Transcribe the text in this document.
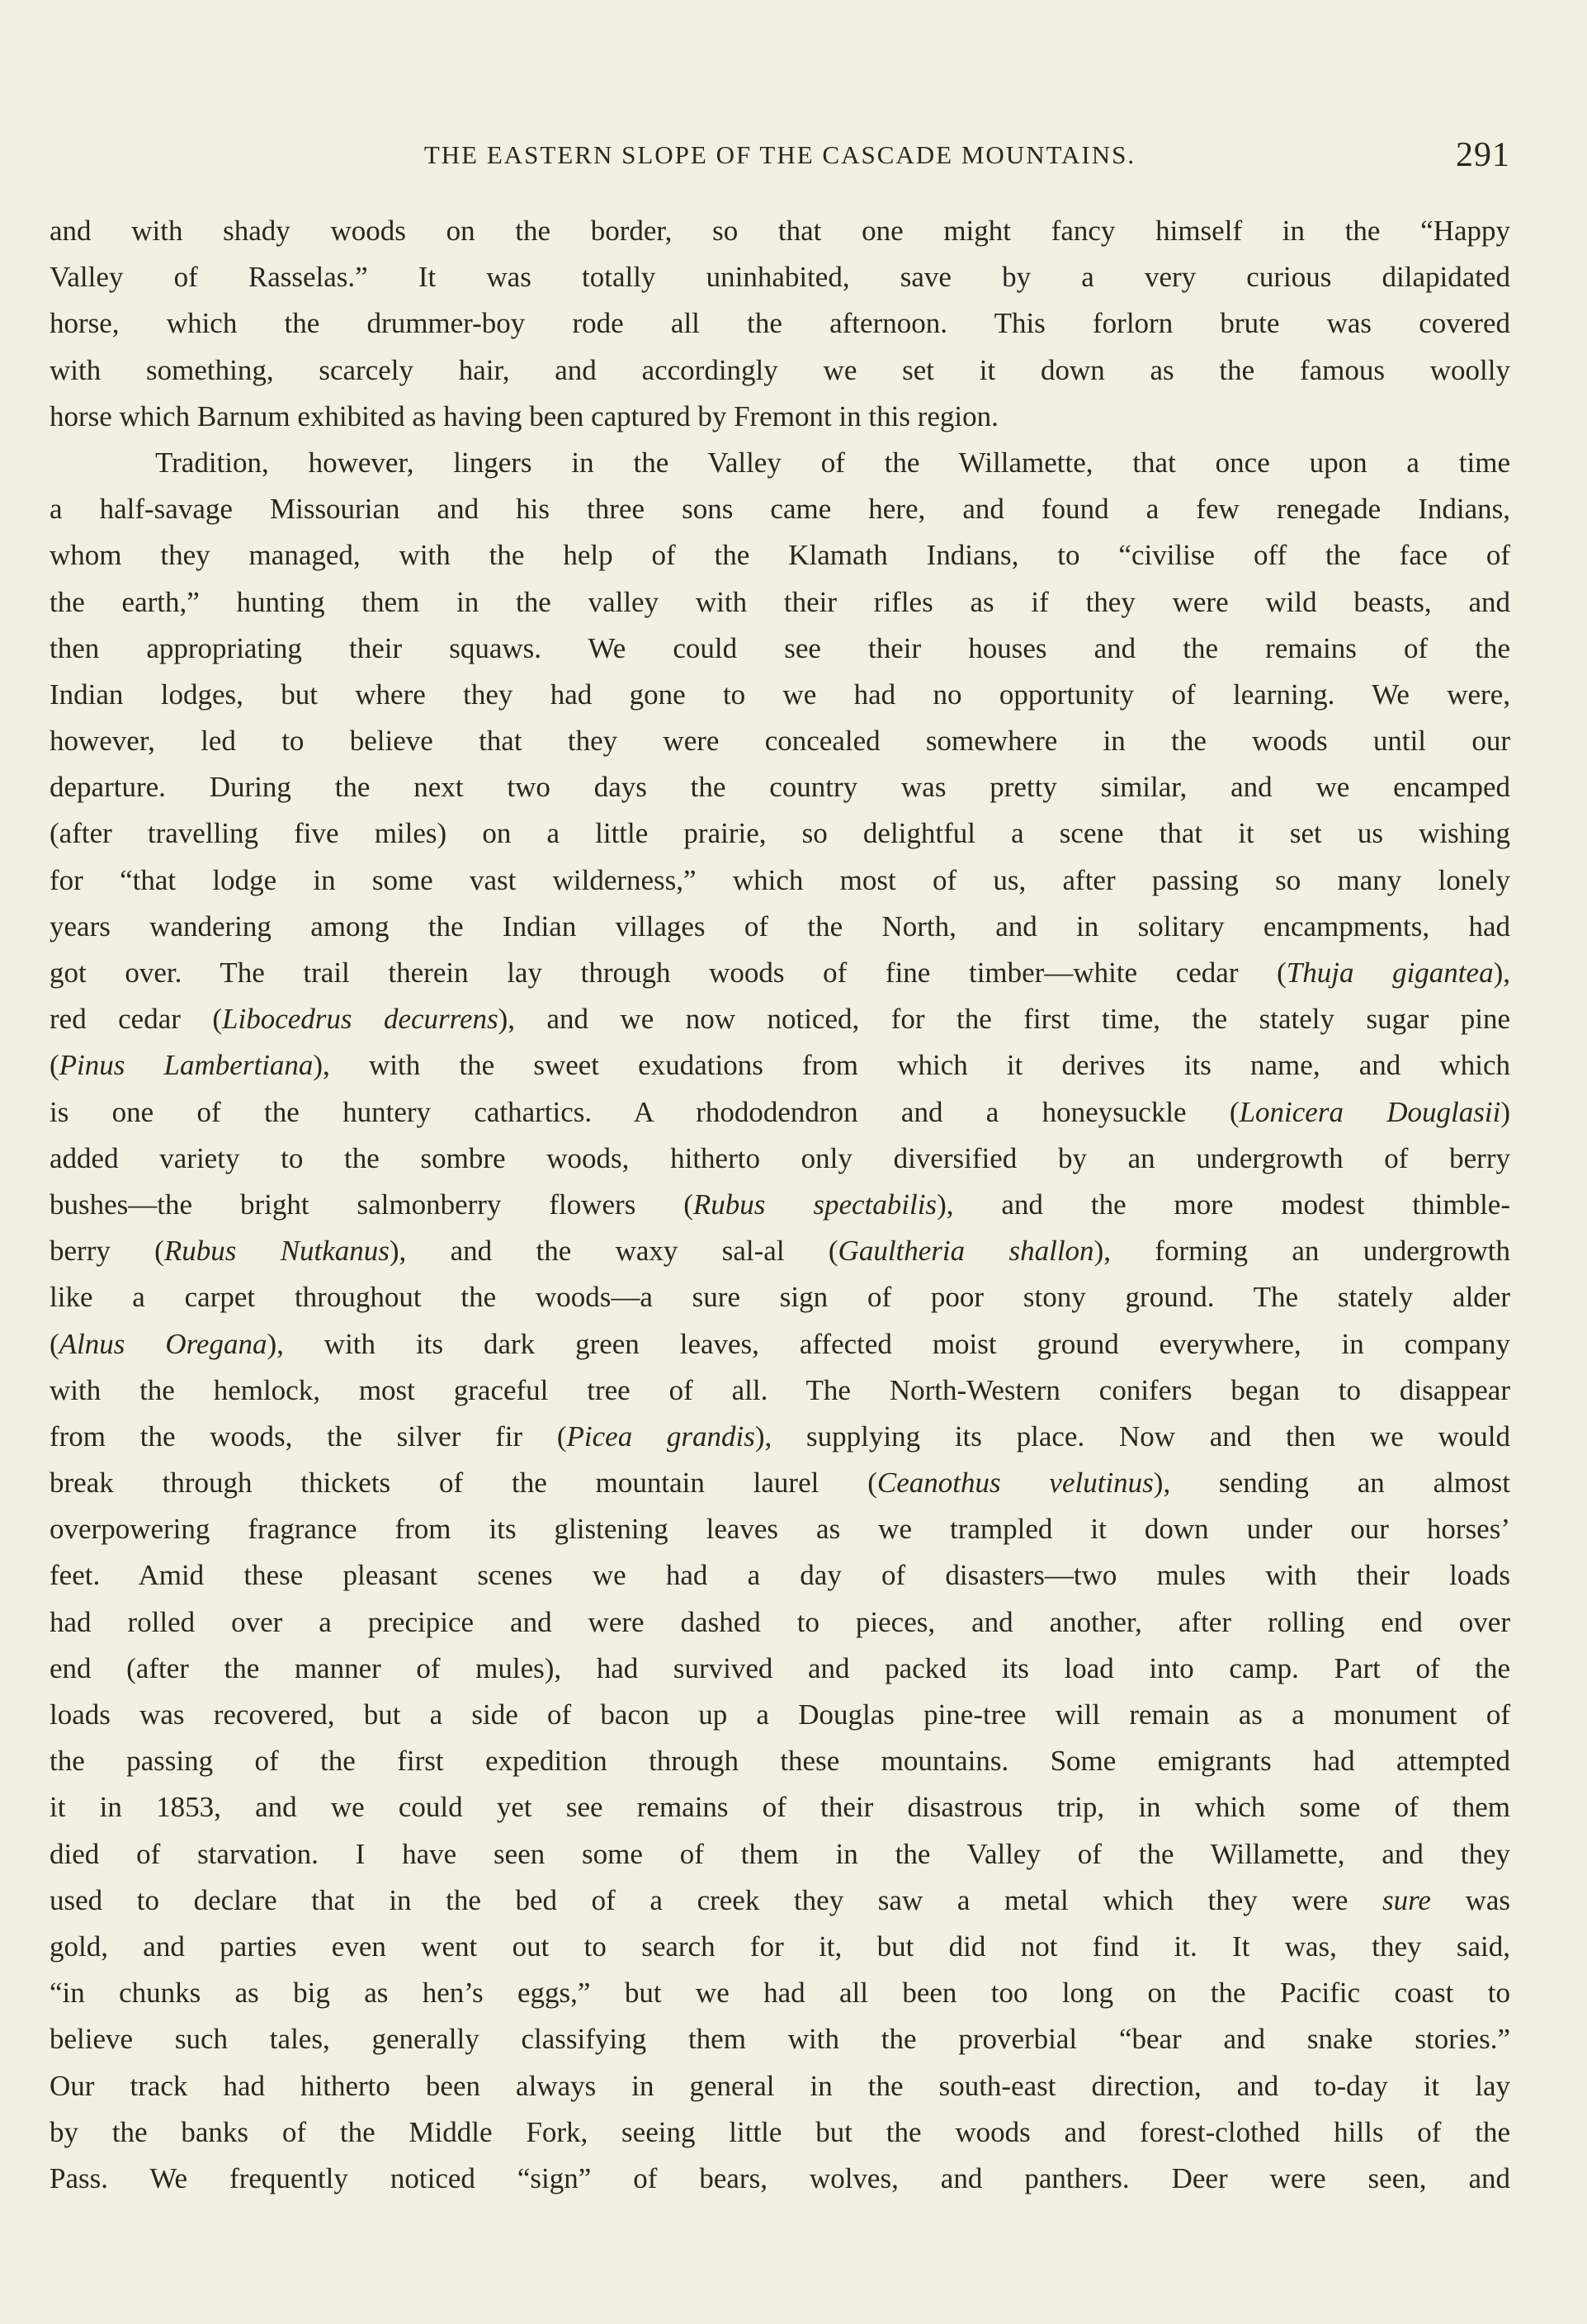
THE EASTERN SLOPE OF THE CASCADE MOUNTAINS.	291
and with shady woods on the border, so that one might fancy himself in the “Happy
Valley of Rasselas.” It was totally uninhabited, save by a very curious dilapidated
horse, which the drummer-boy rode all the afternoon. This forlorn brute was covered
with something, scarcely hair, and accordingly we set it down as the famous woolly
horse which Barnum exhibited as having been captured by Fremont in this region.
Tradition, however, lingers in the Valley of the Willamette, that once upon a time
a half-savage Missourian and his three sons came here, and found a few renegade Indians,
whom they managed, with the help of the Klamath Indians, to “civilise off the face of
the earth,” hunting them in the valley with their rifles as if they were wild beasts, and
then appropriating their squaws. We could see their houses and the remains of the
Indian lodges, but where they had gone to we had no opportunity of learning. We were,
however, led to believe that they were concealed somewhere in the woods until our
departure. During the next two days the country was pretty similar, and we encamped
(after travelling five miles) on a little prairie, so delightful a scene that it set us wishing
for “that lodge in some vast wilderness,” which most of us, after passing so many lonely
years wandering among the Indian villages of the North, and in solitary encampments, had
got over. The trail therein lay through woods of fine timber—white cedar (Thuja gigantea),
red cedar (Libocedrus decurrens), and we now noticed, for the first time, the stately sugar pine
(Pinus Lambertiana), with the sweet exudations from which it derives its name, and which
is one of the huntery cathartics. A rhododendron and a honeysuckle (Lonicera Douglasii)
added variety to the sombre woods, hitherto only diversified by an undergrowth of berry
bushes—the bright salmonberry flowers (Rubus spectabilis), and the more modest thimble-
berry (Rubus Nutkanus), and the waxy sal-al (Gaultheria shallon), forming an undergrowth
like a carpet throughout the woods—a sure sign of poor stony ground. The stately alder
(Alnus Oregana), with its dark green leaves, affected moist ground everywhere, in company
with the hemlock, most graceful tree of all. The North-Western conifers began to disappear
from the woods, the silver fir (Picea grandis), supplying its place. Now and then we would
break through thickets of the mountain laurel (Ceanothus velutinus), sending an almost
overpowering fragrance from its glistening leaves as we trampled it down under our horses’
feet. Amid these pleasant scenes we had a day of disasters—two mules with their loads
had rolled over a precipice and were dashed to pieces, and another, after rolling end over
end (after the manner of mules), had survived and packed its load into camp. Part of the
loads was recovered, but a side of bacon up a Douglas pine-tree will remain as a monument of
the passing of the first expedition through these mountains. Some emigrants had attempted
it in 1853, and we could yet see remains of their disastrous trip, in which some of them
died of starvation. I have seen some of them in the Valley of the Willamette, and they
used to declare that in the bed of a creek they saw a metal which they were sure was
gold, and parties even went out to search for it, but did not find it. It was, they said,
“in chunks as big as hen’s eggs,” but we had all been too long on the Pacific coast to
believe such tales, generally classifying them with the proverbial “bear and snake stories.”
Our track had hitherto been always in general in the south-east direction, and to-day it lay
by the banks of the Middle Fork, seeing little but the woods and forest-clothed hills of the
Pass. We frequently noticed “sign” of bears, wolves, and panthers. Deer were seen, and
